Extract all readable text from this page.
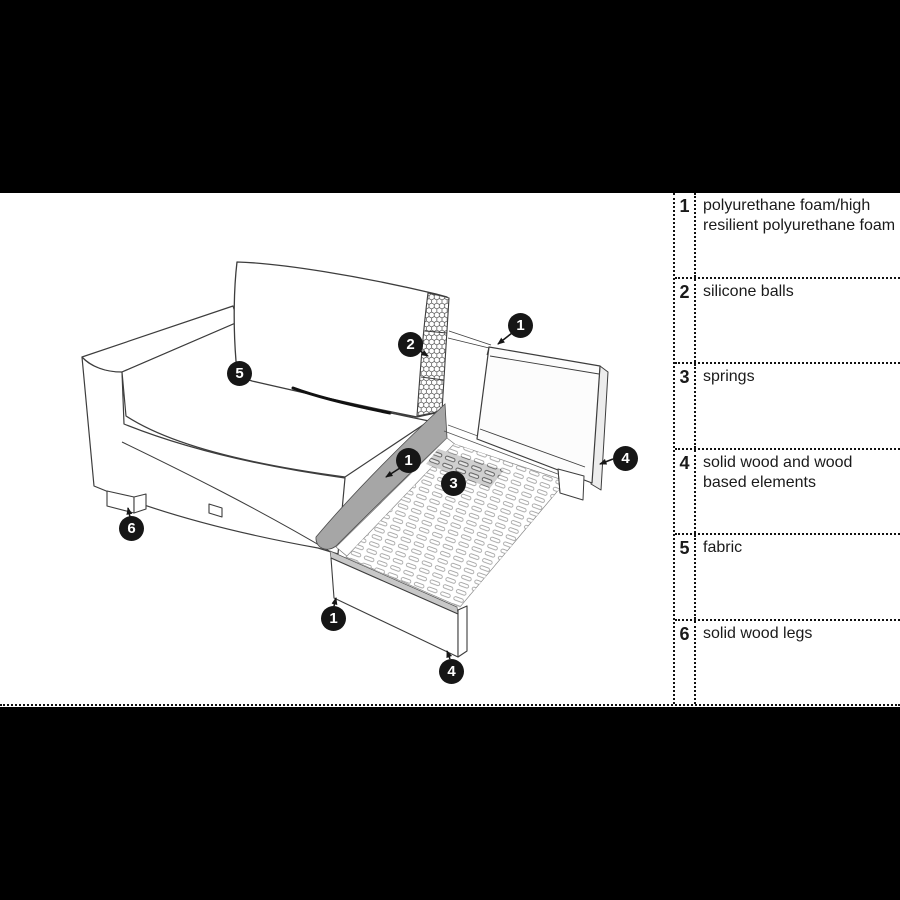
1
2
1
3
4
5
6
1
4
1 polyurethane foam/high resilient polyurethane foam
2 silicone balls
3 springs
4 solid wood and wood based elements
5 fabric
6 solid wood legs
